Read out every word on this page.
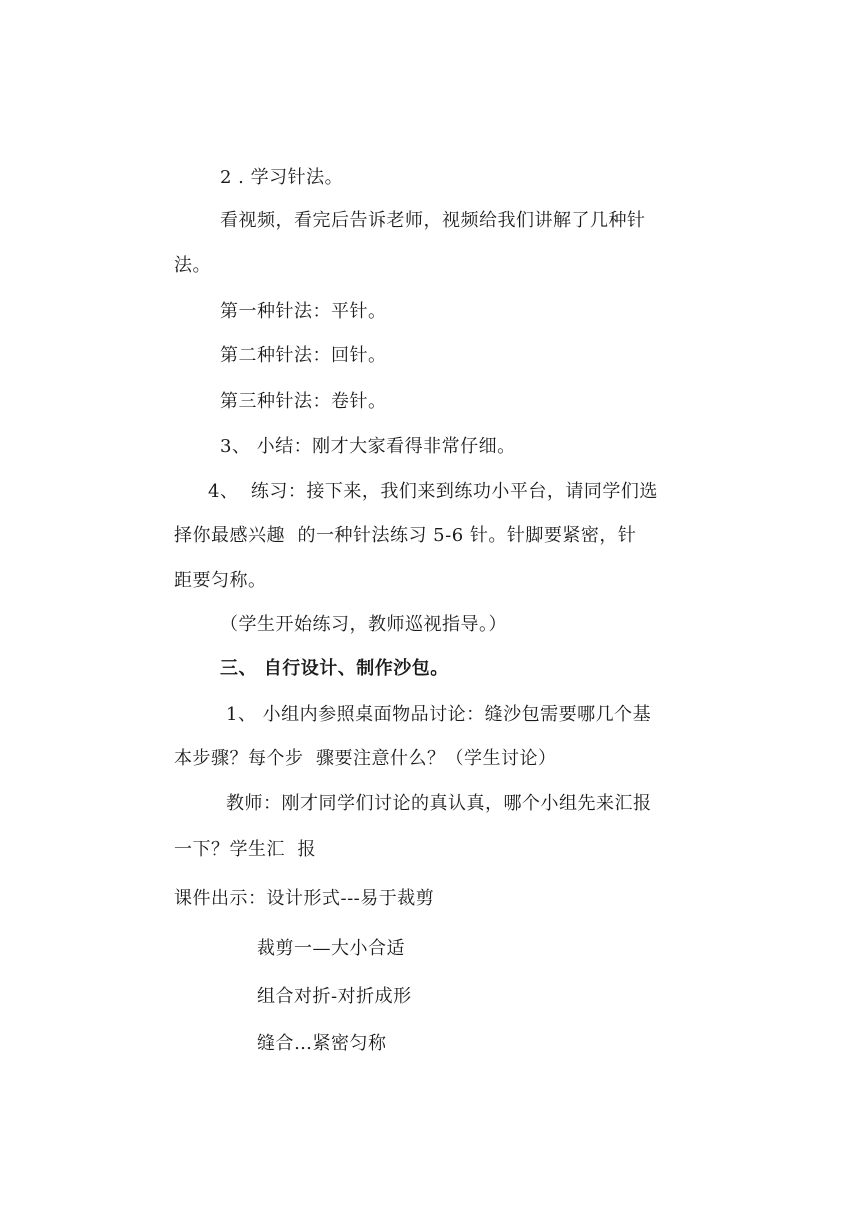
2 . 学习针法。
看视频，看完后告诉老师，视频给我们讲解了几种针
法。
第一种针法：平针。
第二种针法：回针。
第三种针法：卷针。
3、 小结：刚才大家看得非常仔细。
4、  练习：接下来，我们来到练功小平台，请同学们选
择你最感兴趣  的一种针法练习 5-6 针。针脚要紧密，针
距要匀称。
（学生开始练习，教师巡视指导。）
三、 自行设计、制作沙包。
1、 小组内参照桌面物品讨论：缝沙包需要哪几个基
本步骤？每个步  骤要注意什么？（学生讨论）
教师：刚才同学们讨论的真认真，哪个小组先来汇报
一下？学生汇  报
课件出示：设计形式---易于裁剪
裁剪一—大小合适
组合对折-对折成形
缝合…紧密匀称
